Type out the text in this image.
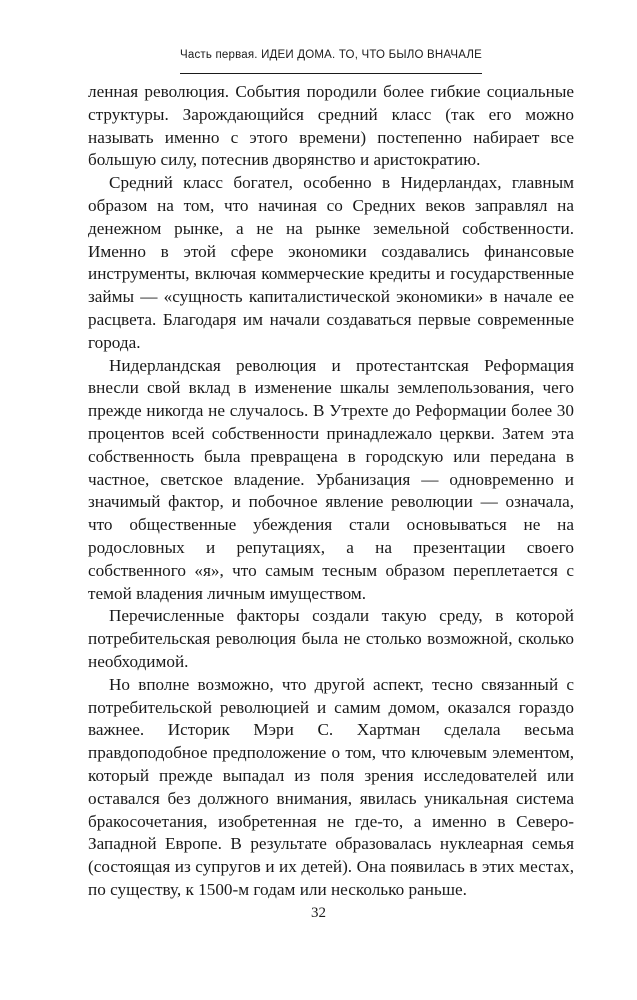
Часть первая. ИДЕИ ДОМА. ТО, ЧТО БЫЛО ВНАЧАЛЕ

ленная революция. События породили более гибкие социальные структуры. Зарождающийся средний класс (так его можно называть именно с этого времени) постепенно набирает все большую силу, потеснив дворянство и аристократию.

Средний класс богател, особенно в Нидерландах, главным образом на том, что начиная со Средних веков заправлял на денежном рынке, а не на рынке земельной собственности. Именно в этой сфере экономики создавались финансовые инструменты, включая коммерческие кредиты и государственные займы — «сущность капиталистической экономики» в начале ее расцвета. Благодаря им начали создаваться первые современные города.

Нидерландская революция и протестантская Реформация внесли свой вклад в изменение шкалы землепользования, чего прежде никогда не случалось. В Утрехте до Реформации более 30 процентов всей собственности принадлежало церкви. Затем эта собственность была превращена в городскую или передана в частное, светское владение. Урбанизация — одновременно и значимый фактор, и побочное явление революции — означала, что общественные убеждения стали основываться не на родословных и репутациях, а на презентации своего собственного «я», что самым тесным образом переплетается с темой владения личным имуществом.

Перечисленные факторы создали такую среду, в которой потребительская революция была не столько возможной, сколько необходимой.

Но вполне возможно, что другой аспект, тесно связанный с потребительской революцией и самим домом, оказался гораздо важнее. Историк Мэри С. Хартман сделала весьма правдоподобное предположение о том, что ключевым элементом, который прежде выпадал из поля зрения исследователей или оставался без должного внимания, явилась уникальная система бракосочетания, изобретенная не где-то, а именно в Северо-Западной Европе. В результате образовалась нуклеарная семья (состоящая из супругов и их детей). Она появилась в этих местах, по существу, к 1500-м годам или несколько раньше.

32
